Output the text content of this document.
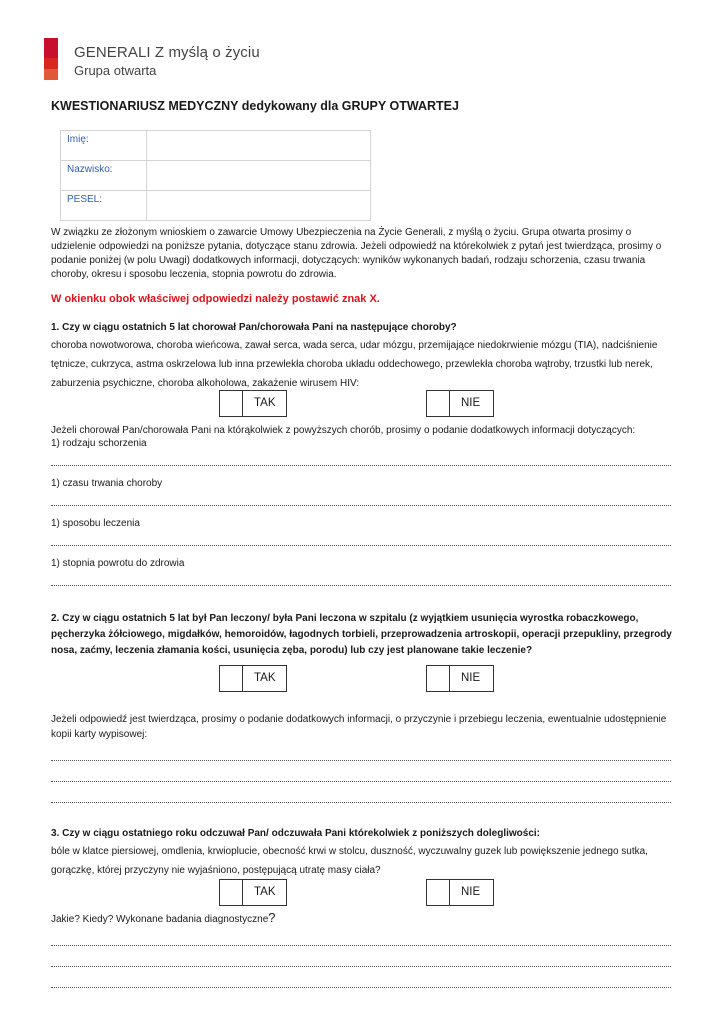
GENERALI Z myślą o życiu
Grupa otwarta
KWESTIONARIUSZ MEDYCZNY dedykowany dla GRUPY OTWARTEJ
Imię:	
Nazwisko:	
PESEL:	
W związku ze złożonym wnioskiem o zawarcie Umowy Ubezpieczenia na Życie Generali, z myślą o życiu. Grupa otwarta prosimy o udzielenie odpowiedzi na poniższe pytania, dotyczące stanu zdrowia. Jeżeli odpowiedź na którekolwiek z pytań jest twierdząca, prosimy o podanie poniżej (w polu Uwagi) dodatkowych informacji, dotyczących: wyników wykonanych badań, rodzaju schorzenia, czasu trwania choroby, okresu i sposobu leczenia, stopnia powrotu do zdrowia.
W okienku obok właściwej odpowiedzi należy postawić znak X.
1. Czy w ciągu ostatnich 5 lat chorował Pan/chorowała Pani na następujące choroby?
choroba nowotworowa, choroba wieńcowa, zawał serca, wada serca, udar mózgu, przemijające niedokrwienie mózgu (TIA), nadciśnienie tętnicze, cukrzyca, astma oskrzelowa lub inna przewlekła choroba układu oddechowego, przewlekła choroba wątroby, trzustki lub nerek, zaburzenia psychiczne, choroba alkoholowa, zakażenie wirusem HIV:
TAK	NIE
Jeżeli chorował Pan/chorowała Pani na którąkolwiek z powyższych chorób, prosimy o podanie dodatkowych informacji dotyczących:
1) rodzaju schorzenia
1) czasu trwania choroby
1) sposobu leczenia
1) stopnia powrotu do zdrowia
2. Czy w ciągu ostatnich 5 lat był Pan leczony/ była Pani leczona w szpitalu (z wyjątkiem usunięcia wyrostka robaczkowego, pęcherzyka żółciowego, migdałków, hemoroidów, łagodnych torbieli, przeprowadzenia artroskopii, operacji przepukliny, przegrody nosa, zaćmy, leczenia złamania kości, usunięcia zęba, porodu) lub czy jest planowane takie leczenie?
TAK	NIE
Jeżeli odpowiedź jest twierdząca, prosimy o podanie dodatkowych informacji, o przyczynie i przebiegu leczenia, ewentualnie udostępnienie kopii karty wypisowej:
3. Czy w ciągu ostatniego roku odczuwał Pan/ odczuwała Pani którekolwiek z poniższych dolegliwości:
bóle w klatce piersiowej, omdlenia, krwioplucie, obecność krwi w stolcu, duszność, wyczuwalny guzek lub powiększenie jednego sutka, gorączkę, której przyczyny nie wyjaśniono, postępującą utratę masy ciała?
TAK	NIE
Jakie? Kiedy? Wykonane badania diagnostyczne?
